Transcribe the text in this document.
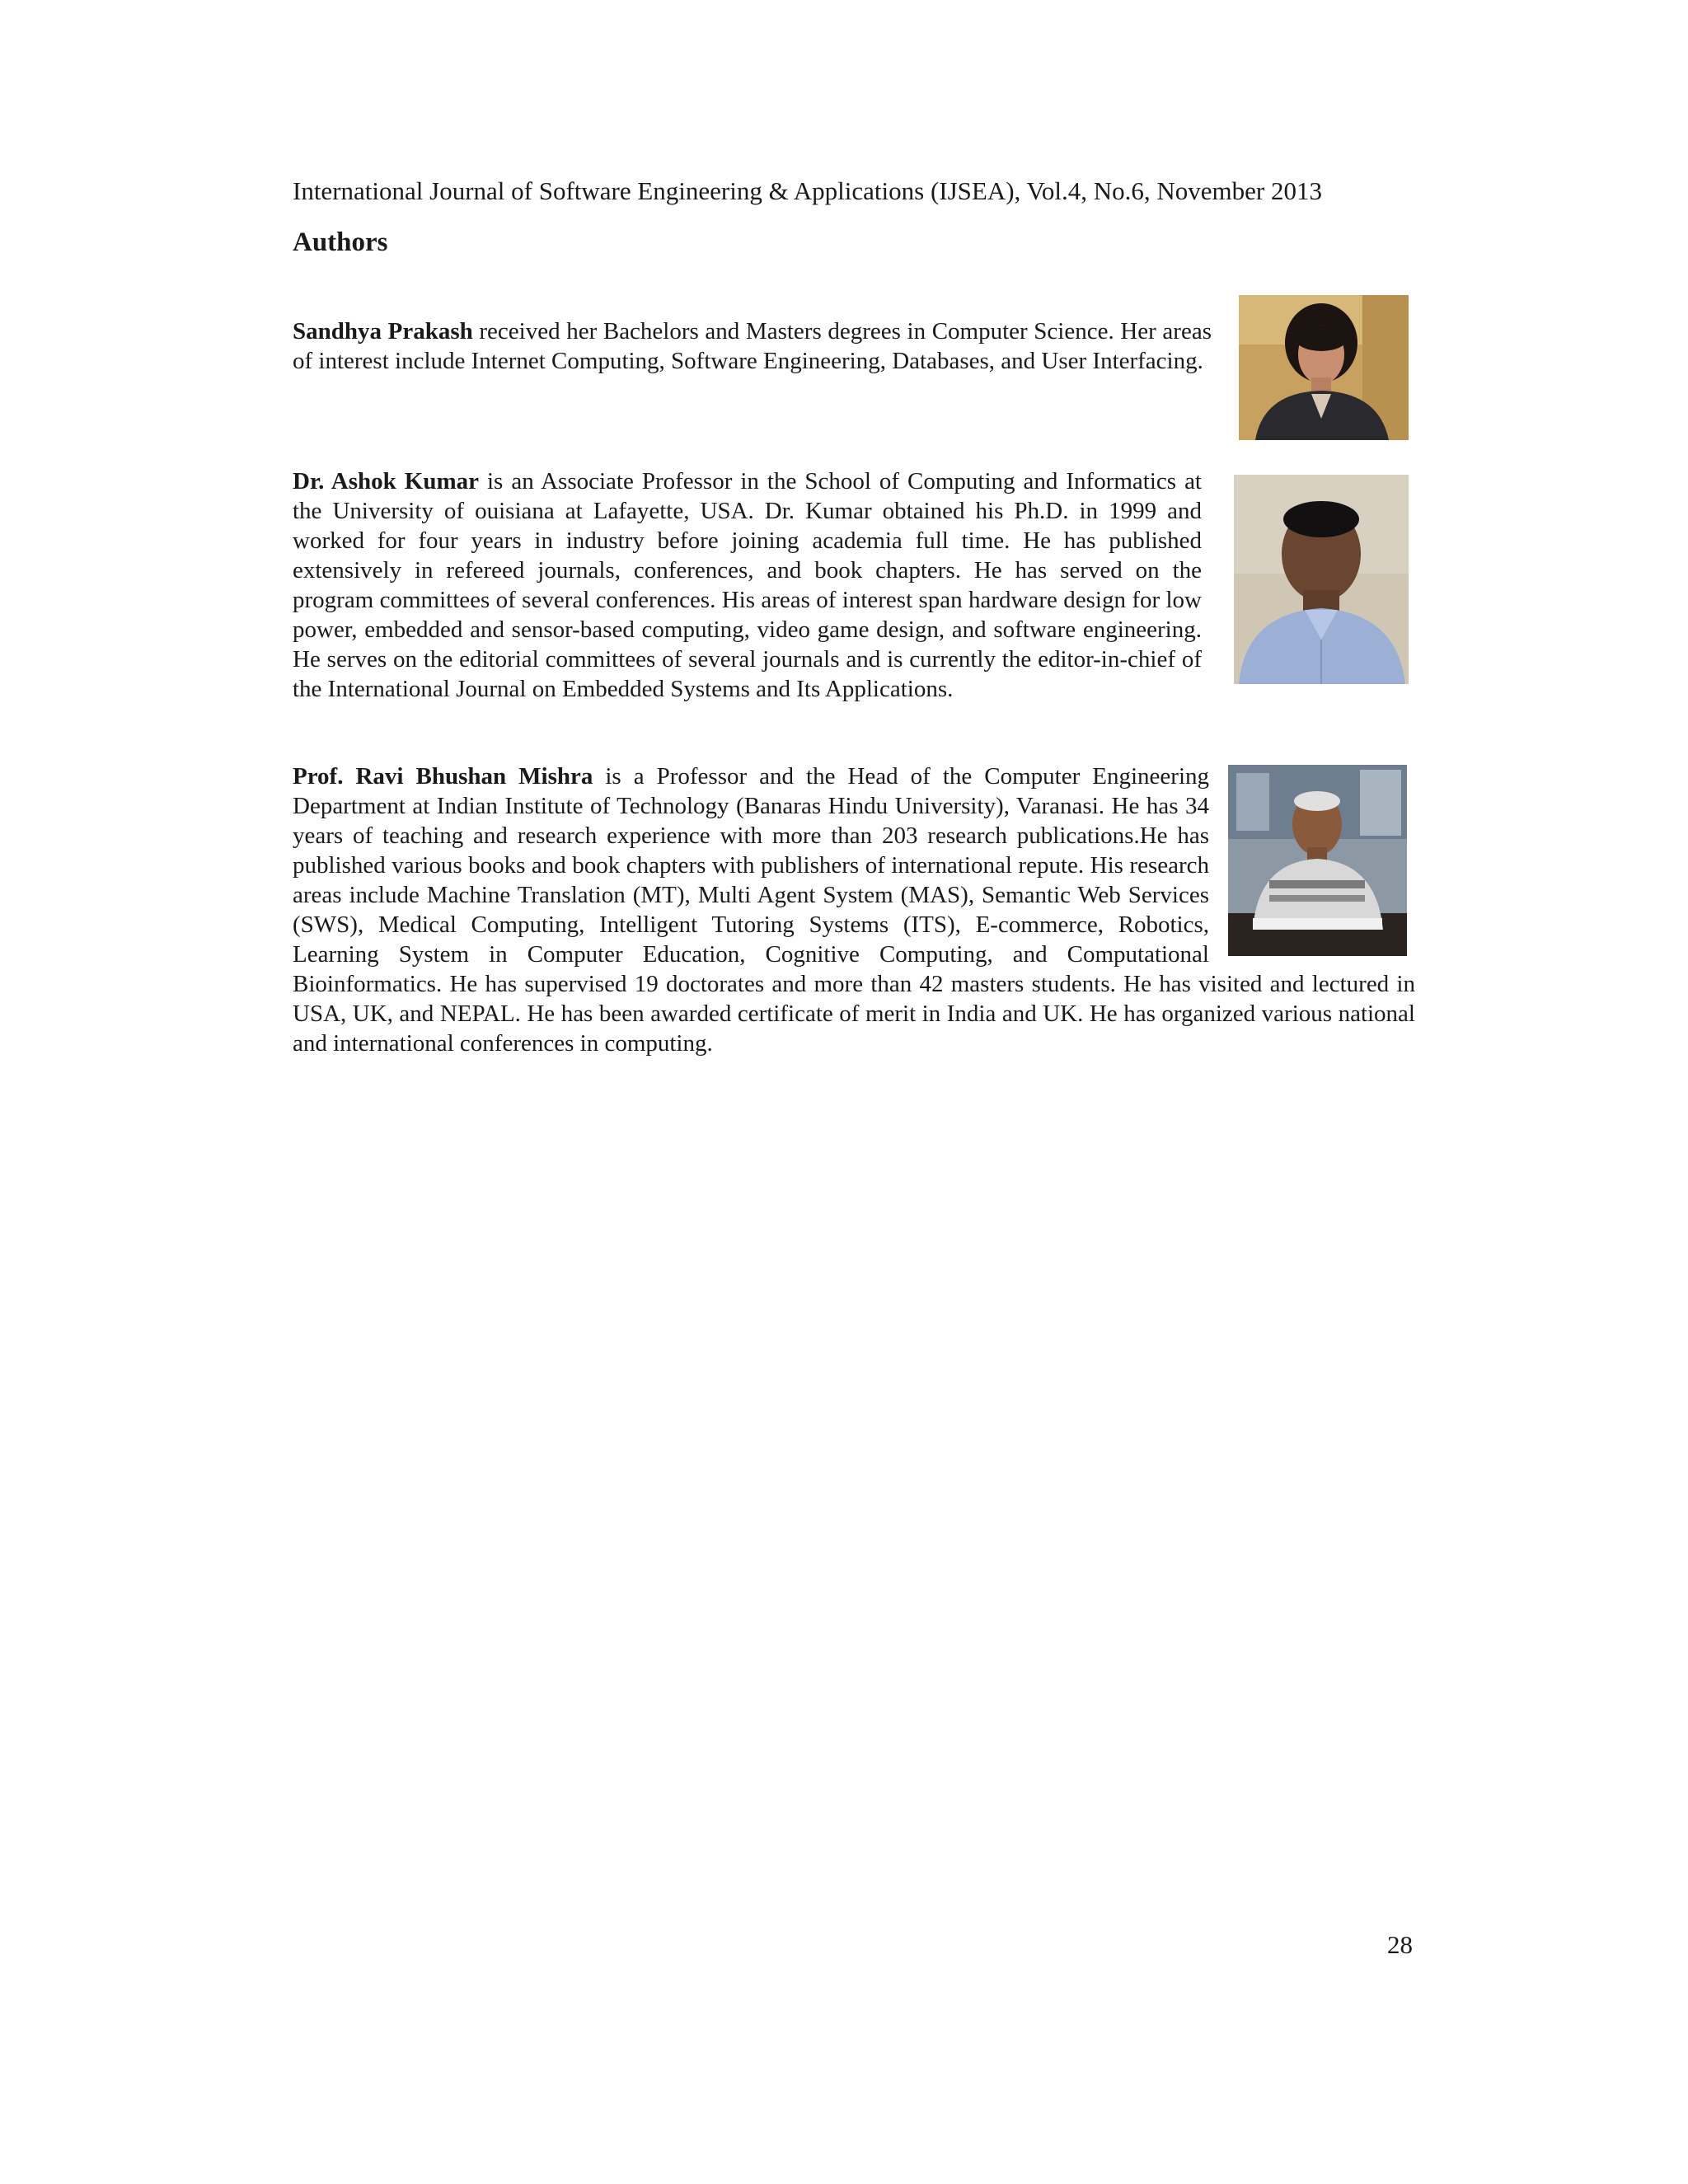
International Journal of Software Engineering & Applications (IJSEA), Vol.4, No.6, November 2013
Authors
Sandhya Prakash received her Bachelors and Masters degrees in Computer Science. Her areas of interest include Internet Computing, Software Engineering, Databases, and User Interfacing.
Dr. Ashok Kumar is an Associate Professor in the School of Computing and Informatics at the University of ouisiana at Lafayette, USA. Dr. Kumar obtained his Ph.D. in 1999 and worked for four years in industry before joining academia full time. He has published extensively in refereed journals, conferences, and book chapters. He has served on the program committees of several conferences. His areas of interest span hardware design for low power, embedded and sensor-based computing, video game design, and software engineering. He serves on the editorial committees of several journals and is currently the editor-in-chief of the International Journal on Embedded Systems and Its Applications.
Prof. Ravi Bhushan Mishra is a Professor and the Head of the Computer Engineering Department at Indian Institute of Technology (Banaras Hindu University), Varanasi. He has 34 years of teaching and research experience with more than 203 research publications.He has published various books and book chapters with publishers of international repute. His research areas include Machine Translation (MT), Multi Agent System (MAS), Semantic Web Services (SWS), Medical Computing, Intelligent Tutoring Systems (ITS), E-commerce, Robotics, Learning System in Computer Education, Cognitive Computing, and Computational Bioinformatics. He has supervised 19 doctorates and more than 42 masters students. He has visited and lectured in USA, UK, and NEPAL. He has been awarded certificate of merit in India and UK. He has organized various national and international conferences in computing.
28
